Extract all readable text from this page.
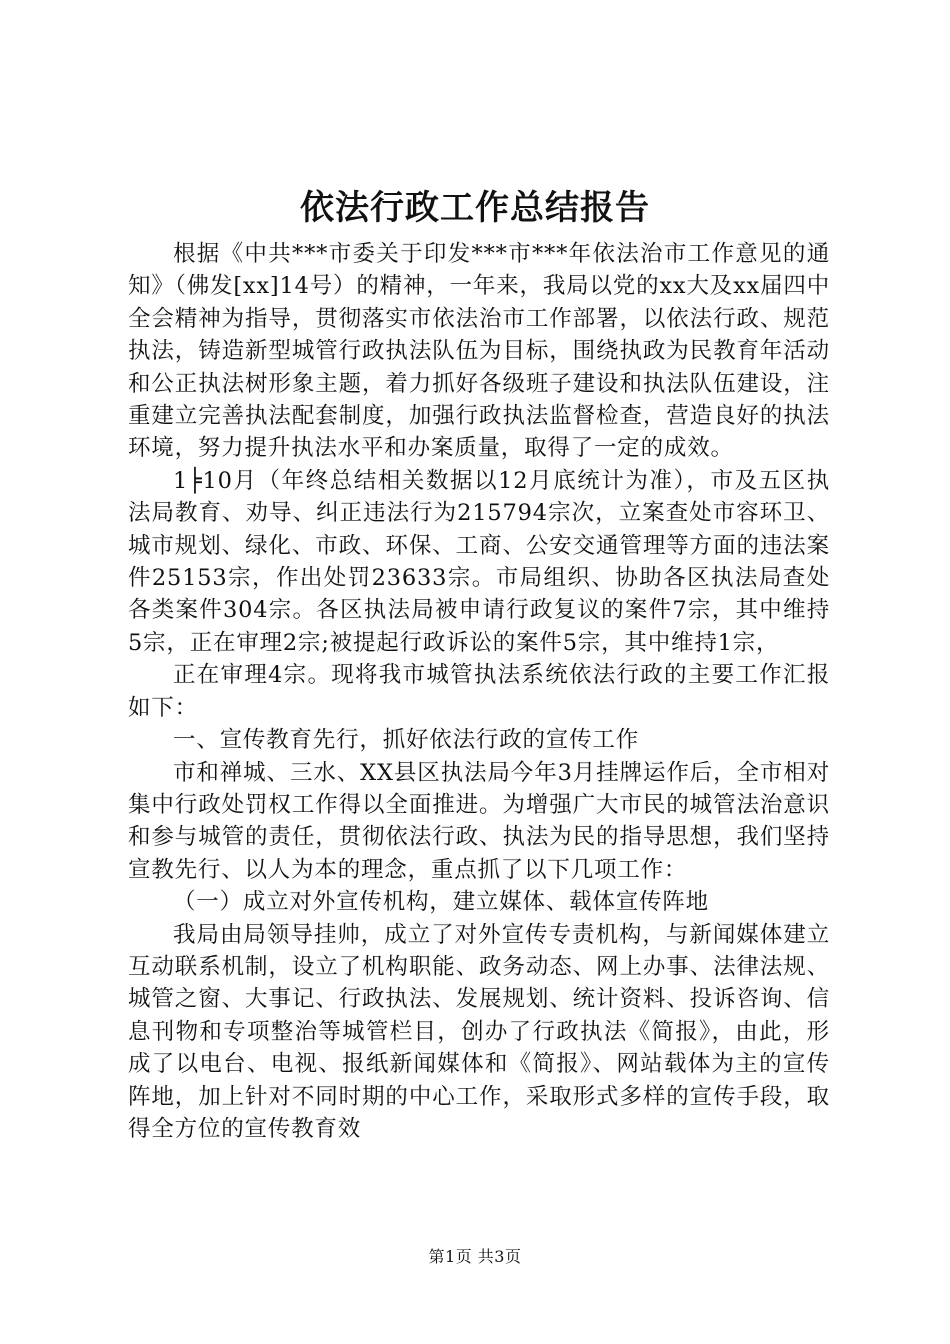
依法行政工作总结报告

根据《中共***市委关于印发***市***年依法治市工作意见的通知》（佛发[xx]14号）的精神，一年来，我局以党的xx大及xx届四中全会精神为指导，贯彻落实市依法治市工作部署，以依法行政、规范执法，铸造新型城管行政执法队伍为目标，围绕执政为民教育年活动和公正执法树形象主题，着力抓好各级班子建设和执法队伍建设，注重建立完善执法配套制度，加强行政执法监督检查，营造良好的执法环境，努力提升执法水平和办案质量，取得了一定的成效。

1╞10月（年终总结相关数据以12月底统计为准），市及五区执法局教育、劝导、纠正违法行为215794宗次，立案查处市容环卫、城市规划、绿化、市政、环保、工商、公安交通管理等方面的违法案件25153宗，作出处罚23633宗。市局组织、协助各区执法局查处各类案件304宗。各区执法局被申请行政复议的案件7宗，其中维持5宗，正在审理2宗;被提起行政诉讼的案件5宗，其中维持1宗，

正在审理4宗。现将我市城管执法系统依法行政的主要工作汇报如下：

一、宣传教育先行，抓好依法行政的宣传工作

市和禅城、三水、XX县区执法局今年3月挂牌运作后，全市相对集中行政处罚权工作得以全面推进。为增强广大市民的城管法治意识和参与城管的责任，贯彻依法行政、执法为民的指导思想，我们坚持宣教先行、以人为本的理念，重点抓了以下几项工作：

（一）成立对外宣传机构，建立媒体、载体宣传阵地

我局由局领导挂帅，成立了对外宣传专责机构，与新闻媒体建立互动联系机制，设立了机构职能、政务动态、网上办事、法律法规、城管之窗、大事记、行政执法、发展规划、统计资料、投诉咨询、信息刊物和专项整治等城管栏目，创办了行政执法《简报》，由此，形成了以电台、电视、报纸新闻媒体和《简报》、网站载体为主的宣传阵地，加上针对不同时期的中心工作，采取形式多样的宣传手段，取得全方位的宣传教育效

第1页 共3页
